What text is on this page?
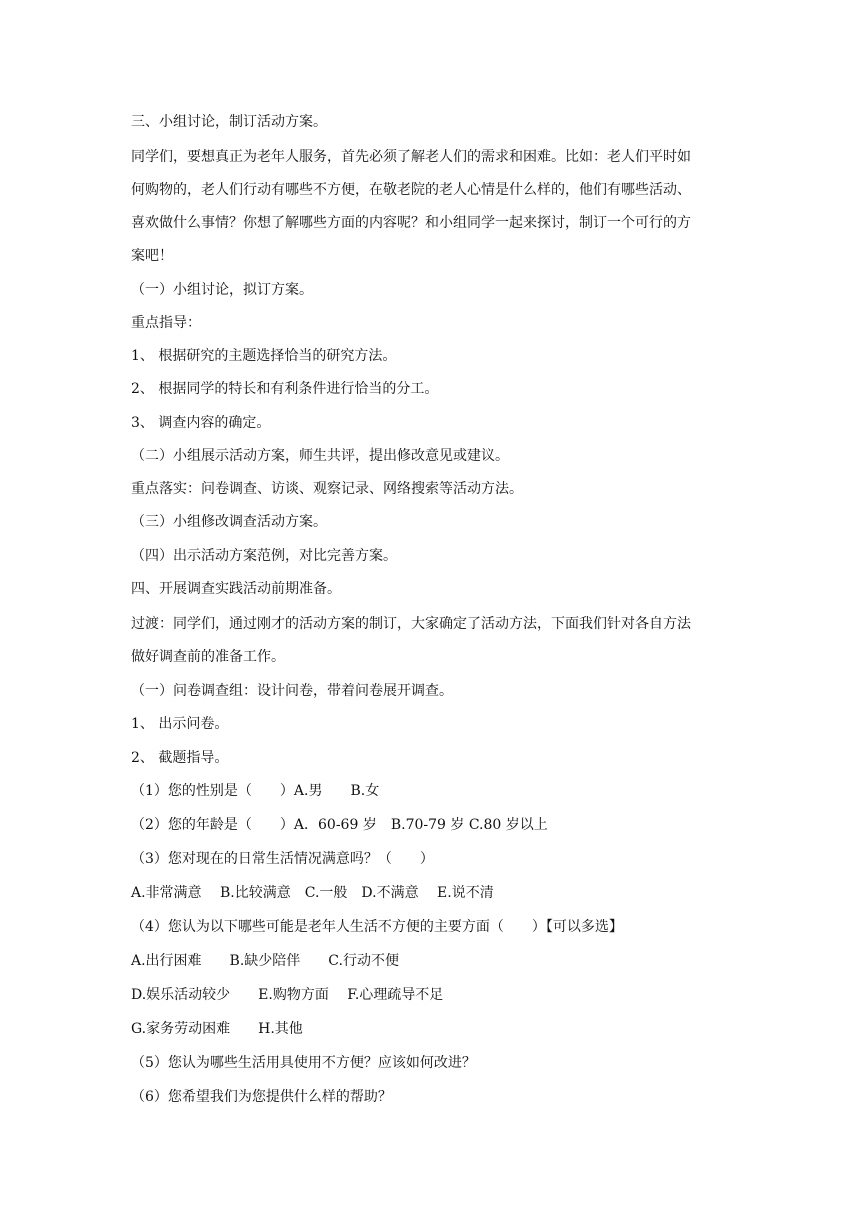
三、小组讨论，制订活动方案。
同学们，要想真正为老年人服务，首先必须了解老人们的需求和困难。比如：老人们平时如
何购物的，老人们行动有哪些不方便，在敬老院的老人心情是什么样的，他们有哪些活动、
喜欢做什么事情？你想了解哪些方面的内容呢？和小组同学一起来探讨，制订一个可行的方
案吧！
（一）小组讨论，拟订方案。
重点指导：
1、 根据研究的主题选择恰当的研究方法。
2、 根据同学的特长和有利条件进行恰当的分工。
3、 调查内容的确定。
（二）小组展示活动方案，师生共评，提出修改意见或建议。
重点落实：问卷调查、访谈、观察记录、网络搜索等活动方法。
（三）小组修改调查活动方案。
（四）出示活动方案范例，对比完善方案。
四、开展调查实践活动前期准备。
过渡：同学们，通过刚才的活动方案的制订，大家确定了活动方法，下面我们针对各自方法
做好调查前的准备工作。
（一）问卷调查组：设计问卷，带着问卷展开调查。
1、 出示问卷。
2、 截题指导。
（1）您的性别是（　　）A.男　　B.女
（2）您的年龄是（　　）A．60-69 岁　B.70-79 岁 C.80 岁以上
（3）您对现在的日常生活情况满意吗？（　　）
A.非常满意　 B.比较满意　C.一般　D.不满意　 E.说不清
（4）您认为以下哪些可能是老年人生活不方便的主要方面（　　）【可以多选】
A.出行困难　　B.缺少陪伴　　C.行动不便
D.娱乐活动较少　　E.购物方面　 F.心理疏导不足
G.家务劳动困难　　H.其他
（5）您认为哪些生活用具使用不方便？应该如何改进？
（6）您希望我们为您提供什么样的帮助？
